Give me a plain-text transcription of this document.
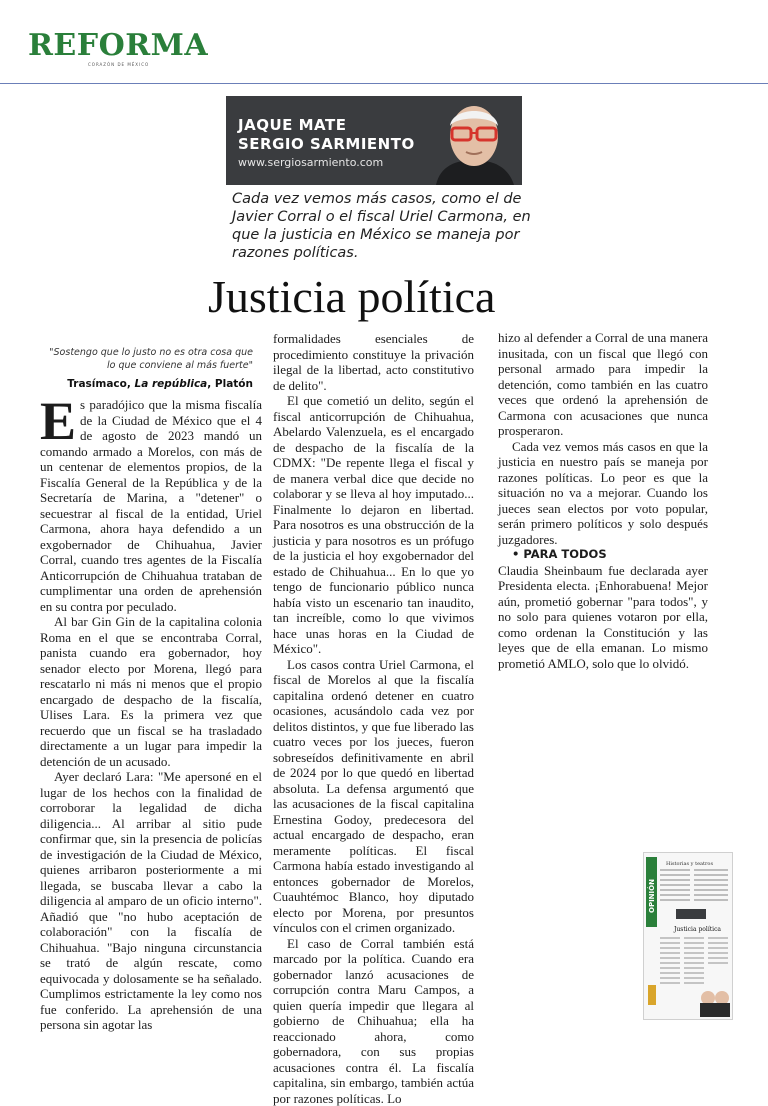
REFORMA
CORAZÓN DE MÉXICO
JAQUE MATE
SERGIO SARMIENTO
www.sergiosarmiento.com
Cada vez vemos más casos, como el de Javier Corral o el fiscal Uriel Carmona, en que la justicia en México se maneja por razones políticas.
Justicia política
"Sostengo que lo justo no es otra cosa que lo que conviene al más fuerte"
Trasímaco, La república, Platón

Es paradójico que la misma fiscalía de la Ciudad de México que el 4 de agosto de 2023 mandó un comando armado a Morelos, con más de un centenar de elementos propios, de la Fiscalía General de la República y de la Secretaría de Marina, a "detener" o secuestrar al fiscal de la entidad, Uriel Carmona, ahora haya defendido a un exgobernador de Chihuahua, Javier Corral, cuando tres agentes de la Fiscalía Anticorrupción de Chihuahua trataban de cumplimentar una orden de aprehensión en su contra por peculado.

Al bar Gin Gin de la capitalina colonia Roma en el que se encontraba Corral, panista cuando era gobernador, hoy senador electo por Morena, llegó para rescatarlo ni más ni menos que el propio encargado de despacho de la fiscalía, Ulises Lara. Es la primera vez que recuerdo que un fiscal se ha trasladado directamente a un lugar para impedir la detención de un acusado.

Ayer declaró Lara: "Me apersoné en el lugar de los hechos con la finalidad de corroborar la legalidad de dicha diligencia... Al arribar al sitio pude confirmar que, sin la presencia de policías de investigación de la Ciudad de México, quienes arribaron posteriormente a mi llegada, se buscaba llevar a cabo la diligencia al amparo de un oficio interno". Añadió que "no hubo aceptación de colaboración" con la fiscalía de Chihuahua. "Bajo ninguna circunstancia se trató de algún rescate, como equivocada y dolosamente se ha señalado. Cumplimos estrictamente la ley como nos fue conferido. La aprehensión de una persona sin agotar las

formalidades esenciales de procedimiento constituye la privación ilegal de la libertad, acto constitutivo de delito".

El que cometió un delito, según el fiscal anticorrupción de Chihuahua, Abelardo Valenzuela, es el encargado de despacho de la fiscalía de la CDMX: "De repente llega el fiscal y de manera verbal dice que decide no colaborar y se lleva al hoy imputado... Finalmente lo dejaron en libertad. Para nosotros es una obstrucción de la justicia y para nosotros es un prófugo de la justicia el hoy exgobernador del estado de Chihuahua... En lo que yo tengo de funcionario público nunca había visto un escenario tan inaudito, tan increíble, como lo que vivimos hace unas horas en la Ciudad de México".

Los casos contra Uriel Carmona, el fiscal de Morelos al que la fiscalía capitalina ordenó detener en cuatro ocasiones, acusándolo cada vez por delitos distintos, y que fue liberado las cuatro veces por los jueces, fueron sobreseídos definitivamente en abril de 2024 por lo que quedó en libertad absoluta. La defensa argumentó que las acusaciones de la fiscal capitalina Ernestina Godoy, predecesora del actual encargado de despacho, eran meramente políticas. El fiscal Carmona había estado investigando al entonces gobernador de Morelos, Cuauhtémoc Blanco, hoy diputado electo por Morena, por presuntos vínculos con el crimen organizado.

El caso de Corral también está marcado por la política. Cuando era gobernador lanzó acusaciones de corrupción contra Maru Campos, a quien quería impedir que llegara al gobierno de Chihuahua; ella ha reaccionado ahora, como gobernadora, con sus propias acusaciones contra él. La fiscalía capitalina, sin embargo, también actúa por razones políticas. Lo

hizo al defender a Corral de una manera inusitada, con un fiscal que llegó con personal armado para impedir la detención, como también en las cuatro veces que ordenó la aprehensión de Carmona con acusaciones que nunca prosperaron.

Cada vez vemos más casos en que la justicia en nuestro país se maneja por razones políticas. Lo peor es que la situación no va a mejorar. Cuando los jueces sean electos por voto popular, serán primero políticos y solo después juzgadores.

• PARA TODOS

Claudia Sheinbaum fue declarada ayer Presidenta electa. ¡Enhorabuena! Mejor aún, prometió gobernar "para todos", y no solo para quienes votaron por ella, como ordenan la Constitución y las leyes que de ella emanan. Lo mismo prometió AMLO, solo que lo olvidó.

OPINIÓN
Historias y teatros
Justicia política
